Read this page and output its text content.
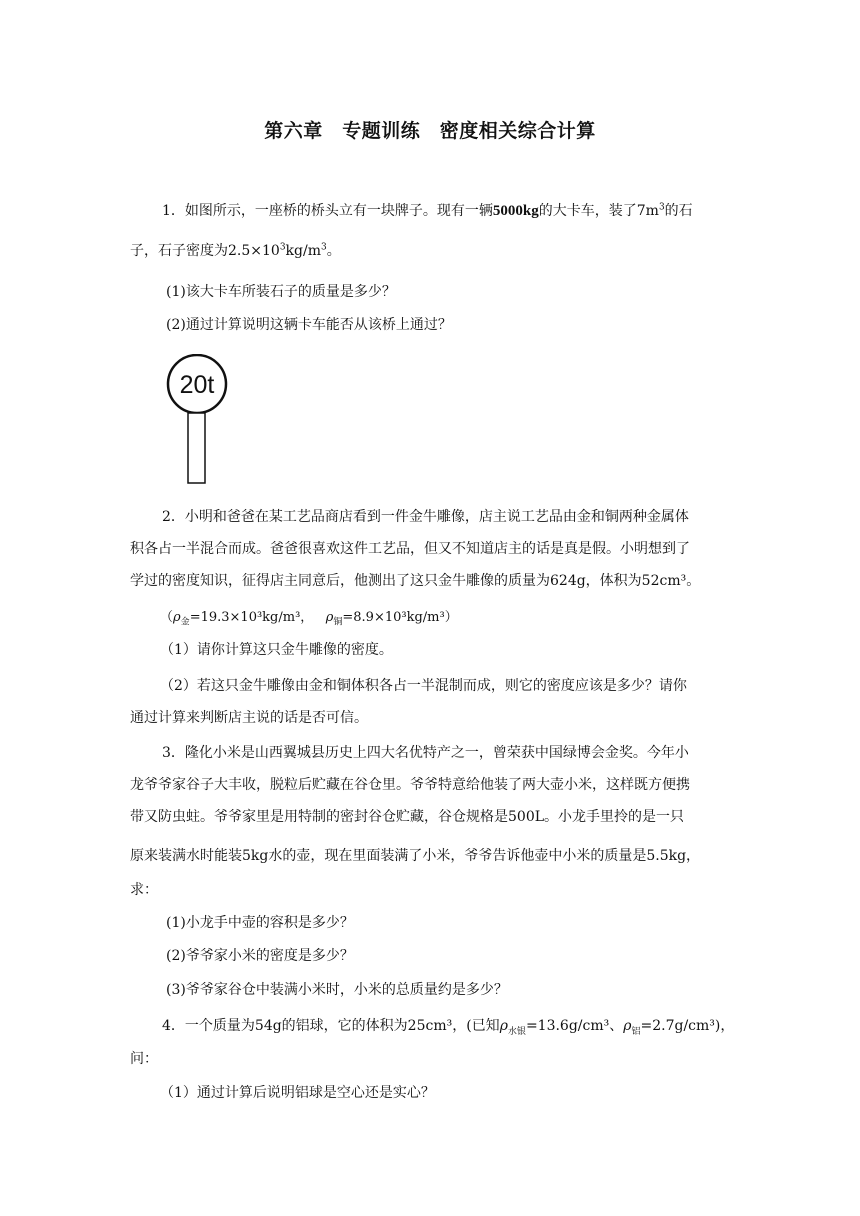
第六章　专题训练　密度相关综合计算
1．如图所示，一座桥的桥头立有一块牌子。现有一辆5000kg的大卡车，装了$7m^3$的石
子，石子密度为$2.5\times 10^3kg/m^3$。
(1)该大卡车所装石子的质量是多少？
(2)通过计算说明这辆卡车能否从该桥上通过？
20t
2．小明和爸爸在某工艺品商店看到一件金牛雕像，店主说工艺品由金和铜两种金属体
积各占一半混合而成。爸爸很喜欢这件工艺品，但又不知道店主的话是真是假。小明想到了
学过的密度知识，征得店主同意后，他测出了这只金牛雕像的质量为624g，体积为52cm³。
（$\rho_金=19.3\times 10^3kg/m^3$， $\rho_铜=8.9\times 10^3kg/m^3$）
（1）请你计算这只金牛雕像的密度。
（2）若这只金牛雕像由金和铜体积各占一半混制而成，则它的密度应该是多少？请你
通过计算来判断店主说的话是否可信。
3．隆化小米是山西翼城县历史上四大名优特产之一，曾荣获中国绿博会金奖。今年小
龙爷爷家谷子大丰收，脱粒后贮藏在谷仓里。爷爷特意给他装了两大壶小米，这样既方便携
带又防虫蛀。爷爷家里是用特制的密封谷仓贮藏，谷仓规格是500L。小龙手里拎的是一只
原来装满水时能装5kg水的壶，现在里面装满了小米，爷爷告诉他壶中小米的质量是5.5kg，
求：
(1)小龙手中壶的容积是多少？
(2)爷爷家小米的密度是多少？
(3)爷爷家谷仓中装满小米时，小米的总质量约是多少？
4．一个质量为54g的铝球，它的体积为25cm³，(已知$\rho_{水银}=13.6g$/cm³、$\rho_铝=2.7g/cm^3$)，
问：
（1）通过计算后说明铝球是空心还是实心？
